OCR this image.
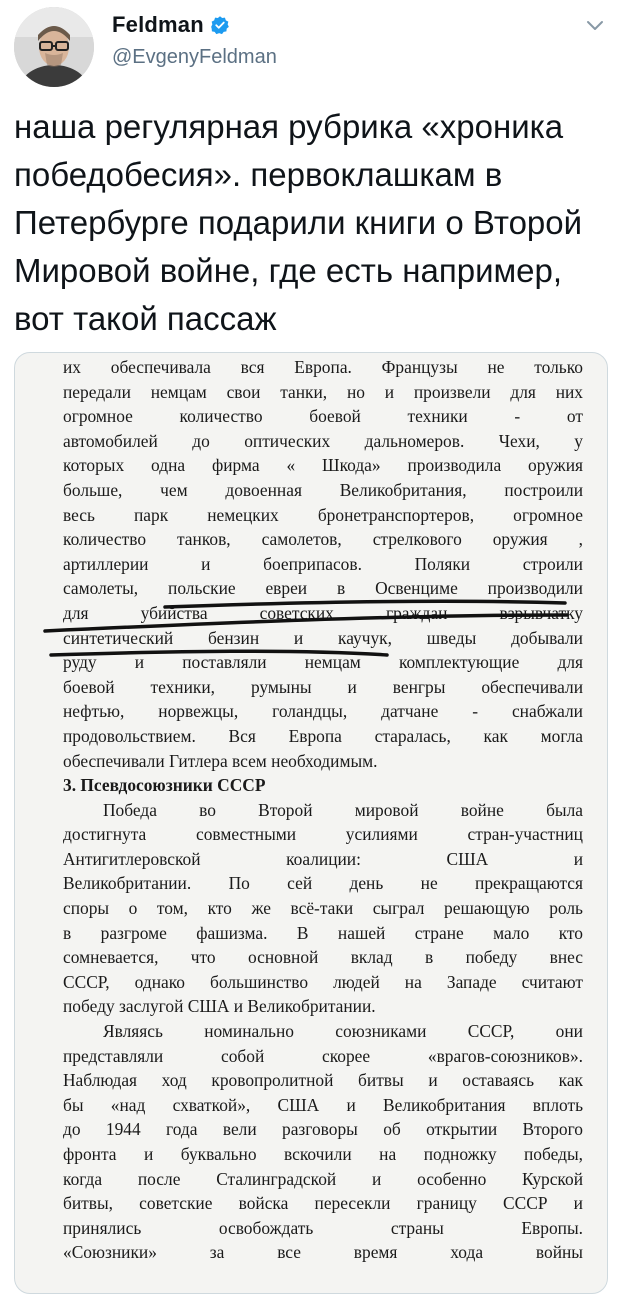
Feldman
@EvgenyFeldman
наша регулярная рубрика «хроника победобесия». первоклашкам в Петербурге подарили книги о Второй Мировой войне, где есть например, вот такой пассаж
их обеспечивала вся Европа. Французы не только
передали немцам свои танки, но и произвели для них
огромное количество боевой техники - от
автомобилей до оптических дальномеров. Чехи, у
которых одна фирма « Шкода» производила оружия
больше, чем довоенная Великобритания, построили
весь парк немецких бронетранспортеров, огромное
количество танков, самолетов, стрелкового оружия ,
артиллерии и боеприпасов. Поляки строили
самолеты, польские евреи в Освенциме производили
для убийства советских граждан взрывчатку
синтетический бензин и каучук, шведы добывали
руду и поставляли немцам комплектующие для
боевой техники, румыны и венгры обеспечивали
нефтью, норвежцы, голандцы, датчане - снабжали
продовольствием. Вся Европа старалась, как могла
обеспечивали Гитлера всем необходимым.
3. Псевдосоюзники СССР
Победа во Второй мировой войне была
достигнута совместными усилиями стран-участниц
Антигитлеровской коалиции: США и
Великобритании. По сей день не прекращаются
споры о том, кто же всё-таки сыграл решающую роль
в разгроме фашизма. В нашей стране мало кто
сомневается, что основной вклад в победу внес
СССР, однако большинство людей на Западе считают
победу заслугой США и Великобритании.
Являясь номинально союзниками СССР, они
представляли собой скорее «врагов-союзников».
Наблюдая ход кровопролитной битвы и оставаясь как
бы «над схваткой», США и Великобритания вплоть
до 1944 года вели разговоры об открытии Второго
фронта и буквально вскочили на подножку победы,
когда после Сталинградской и особенно Курской
битвы, советские войска пересекли границу СССР и
принялись освобождать страны Европы.
«Союзники» за все время хода войны
